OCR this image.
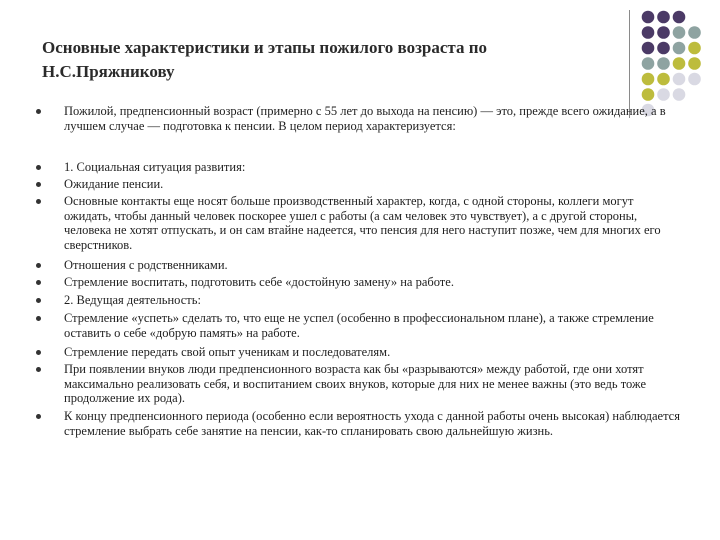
Основные характеристики и этапы пожилого возраста по Н.С.Пряжникову
Пожилой, предпенсионный возраст (примерно с 55 лет до выхода на пенсию) — это, прежде всего ожидание, а в лучшем случае — подготовка к пенсии. В целом период характеризуется:
1. Социальная ситуация развития:
Ожидание пенсии.
Основные контакты еще носят больше производственный характер, когда, с одной стороны, коллеги могут ожидать, чтобы данный человек поскорее ушел с работы (а сам человек это чувствует), а с другой стороны, человека не хотят отпускать, и он сам втайне надеется, что пенсия для него наступит позже, чем для многих его сверстников.
Отношения с родственниками.
Стремление воспитать, подготовить себе «достойную замену» на работе.
2. Ведущая деятельность:
Стремление «успеть» сделать то, что еще не успел (особенно в профессиональном плане), а также стремление оставить о себе «добрую память» на работе.
Стремление передать свой опыт ученикам и последователям.
При появлении внуков люди предпенсионного возраста как бы «разрываются» между работой, где они хотят максимально реализовать себя, и воспитанием своих внуков, которые для них не менее важны (это ведь тоже продолжение их рода).
К концу предпенсионного периода (особенно если вероятность ухода с данной работы очень высокая) наблюдается стремление выбрать себе занятие на пенсии, как-то спланировать свою дальнейшую жизнь.
